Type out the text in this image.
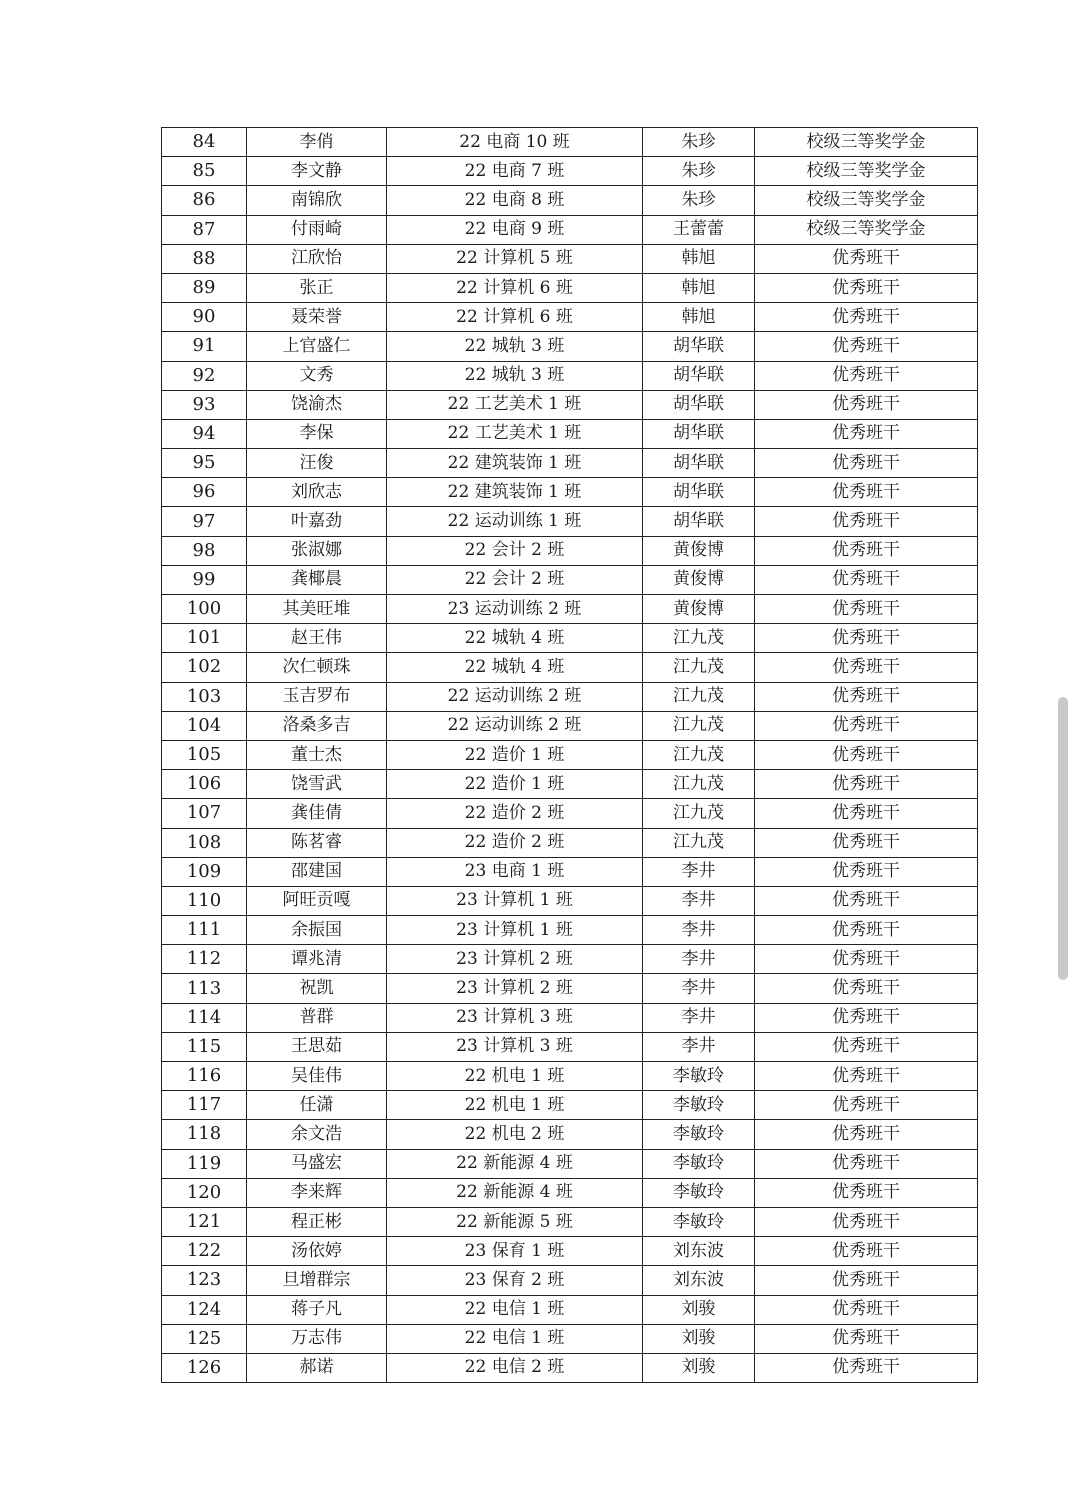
84	李俏	22 电商 10 班	朱珍	校级三等奖学金
85	李文静	22 电商 7 班	朱珍	校级三等奖学金
86	南锦欣	22 电商 8 班	朱珍	校级三等奖学金
87	付雨崎	22 电商 9 班	王蕾蕾	校级三等奖学金
88	江欣怡	22 计算机 5 班	韩旭	优秀班干
89	张正	22 计算机 6 班	韩旭	优秀班干
90	聂荣誉	22 计算机 6 班	韩旭	优秀班干
91	上官盛仁	22 城轨 3 班	胡华联	优秀班干
92	文秀	22 城轨 3 班	胡华联	优秀班干
93	饶渝杰	22 工艺美术 1 班	胡华联	优秀班干
94	李保	22 工艺美术 1 班	胡华联	优秀班干
95	汪俊	22 建筑装饰 1 班	胡华联	优秀班干
96	刘欣志	22 建筑装饰 1 班	胡华联	优秀班干
97	叶嘉劲	22 运动训练 1 班	胡华联	优秀班干
98	张淑娜	22 会计 2 班	黄俊博	优秀班干
99	龚椰晨	22 会计 2 班	黄俊博	优秀班干
100	其美旺堆	23 运动训练 2 班	黄俊博	优秀班干
101	赵王伟	22 城轨 4 班	江九茂	优秀班干
102	次仁顿珠	22 城轨 4 班	江九茂	优秀班干
103	玉吉罗布	22 运动训练 2 班	江九茂	优秀班干
104	洛桑多吉	22 运动训练 2 班	江九茂	优秀班干
105	董士杰	22 造价 1 班	江九茂	优秀班干
106	饶雪武	22 造价 1 班	江九茂	优秀班干
107	龚佳倩	22 造价 2 班	江九茂	优秀班干
108	陈茗睿	22 造价 2 班	江九茂	优秀班干
109	邵建国	23 电商 1 班	李井	优秀班干
110	阿旺贡嘎	23 计算机 1 班	李井	优秀班干
111	余振国	23 计算机 1 班	李井	优秀班干
112	谭兆清	23 计算机 2 班	李井	优秀班干
113	祝凯	23 计算机 2 班	李井	优秀班干
114	普群	23 计算机 3 班	李井	优秀班干
115	王思茹	23 计算机 3 班	李井	优秀班干
116	吴佳伟	22 机电 1 班	李敏玲	优秀班干
117	任潇	22 机电 1 班	李敏玲	优秀班干
118	余文浩	22 机电 2 班	李敏玲	优秀班干
119	马盛宏	22 新能源 4 班	李敏玲	优秀班干
120	李来辉	22 新能源 4 班	李敏玲	优秀班干
121	程正彬	22 新能源 5 班	李敏玲	优秀班干
122	汤依婷	23 保育 1 班	刘东波	优秀班干
123	旦增群宗	23 保育 2 班	刘东波	优秀班干
124	蒋子凡	22 电信 1 班	刘骏	优秀班干
125	万志伟	22 电信 1 班	刘骏	优秀班干
126	郝诺	22 电信 2 班	刘骏	优秀班干
